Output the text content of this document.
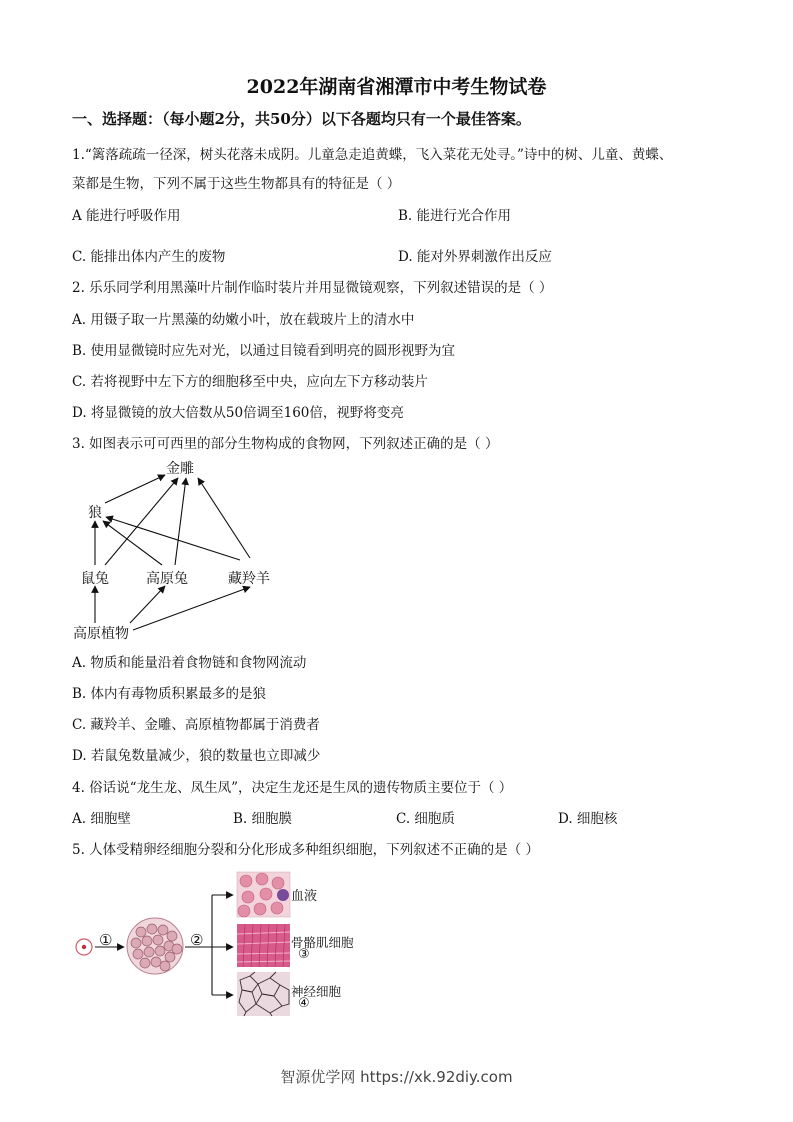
2022年湖南省湘潭市中考生物试卷
一、选择题：（每小题2分，共50分）以下各题均只有一个最佳答案。
1.“篱落疏疏一径深，树头花落未成阴。儿童急走追黄蝶，飞入菜花无处寻。”诗中的树、儿童、黄蝶、
菜都是生物，下列不属于这些生物都具有的特征是（ ）
A 能进行呼吸作用	B. 能进行光合作用
C. 能排出体内产生的废物	D. 能对外界刺激作出反应
2. 乐乐同学利用黑藻叶片制作临时装片并用显微镜观察，下列叙述错误的是（ ）
A. 用镊子取一片黑藻的幼嫩小叶，放在载玻片上的清水中
B. 使用显微镜时应先对光，以通过目镜看到明亮的圆形视野为宜
C. 若将视野中左下方的细胞移至中央，应向左下方移动装片
D. 将显微镜的放大倍数从50倍调至160倍，视野将变亮
3. 如图表示可可西里的部分生物构成的食物网，下列叙述正确的是（ ）
金雕
狼
鼠兔	高原兔	藏羚羊
高原植物
A. 物质和能量沿着食物链和食物网流动
B. 体内有毒物质积累最多的是狼
C. 藏羚羊、金雕、高原植物都属于消费者
D. 若鼠兔数量减少，狼的数量也立即减少
4. 俗话说“龙生龙、凤生凤”，决定生龙还是生凤的遗传物质主要位于（ ）
A. 细胞壁	B. 细胞膜	C. 细胞质	D. 细胞核
5. 人体受精卵经细胞分裂和分化形成多种组织细胞，下列叙述不正确的是（ ）
①	②
血液
骨骼肌细胞
③
神经细胞
④
智源优学网 https://xk.92diy.com
